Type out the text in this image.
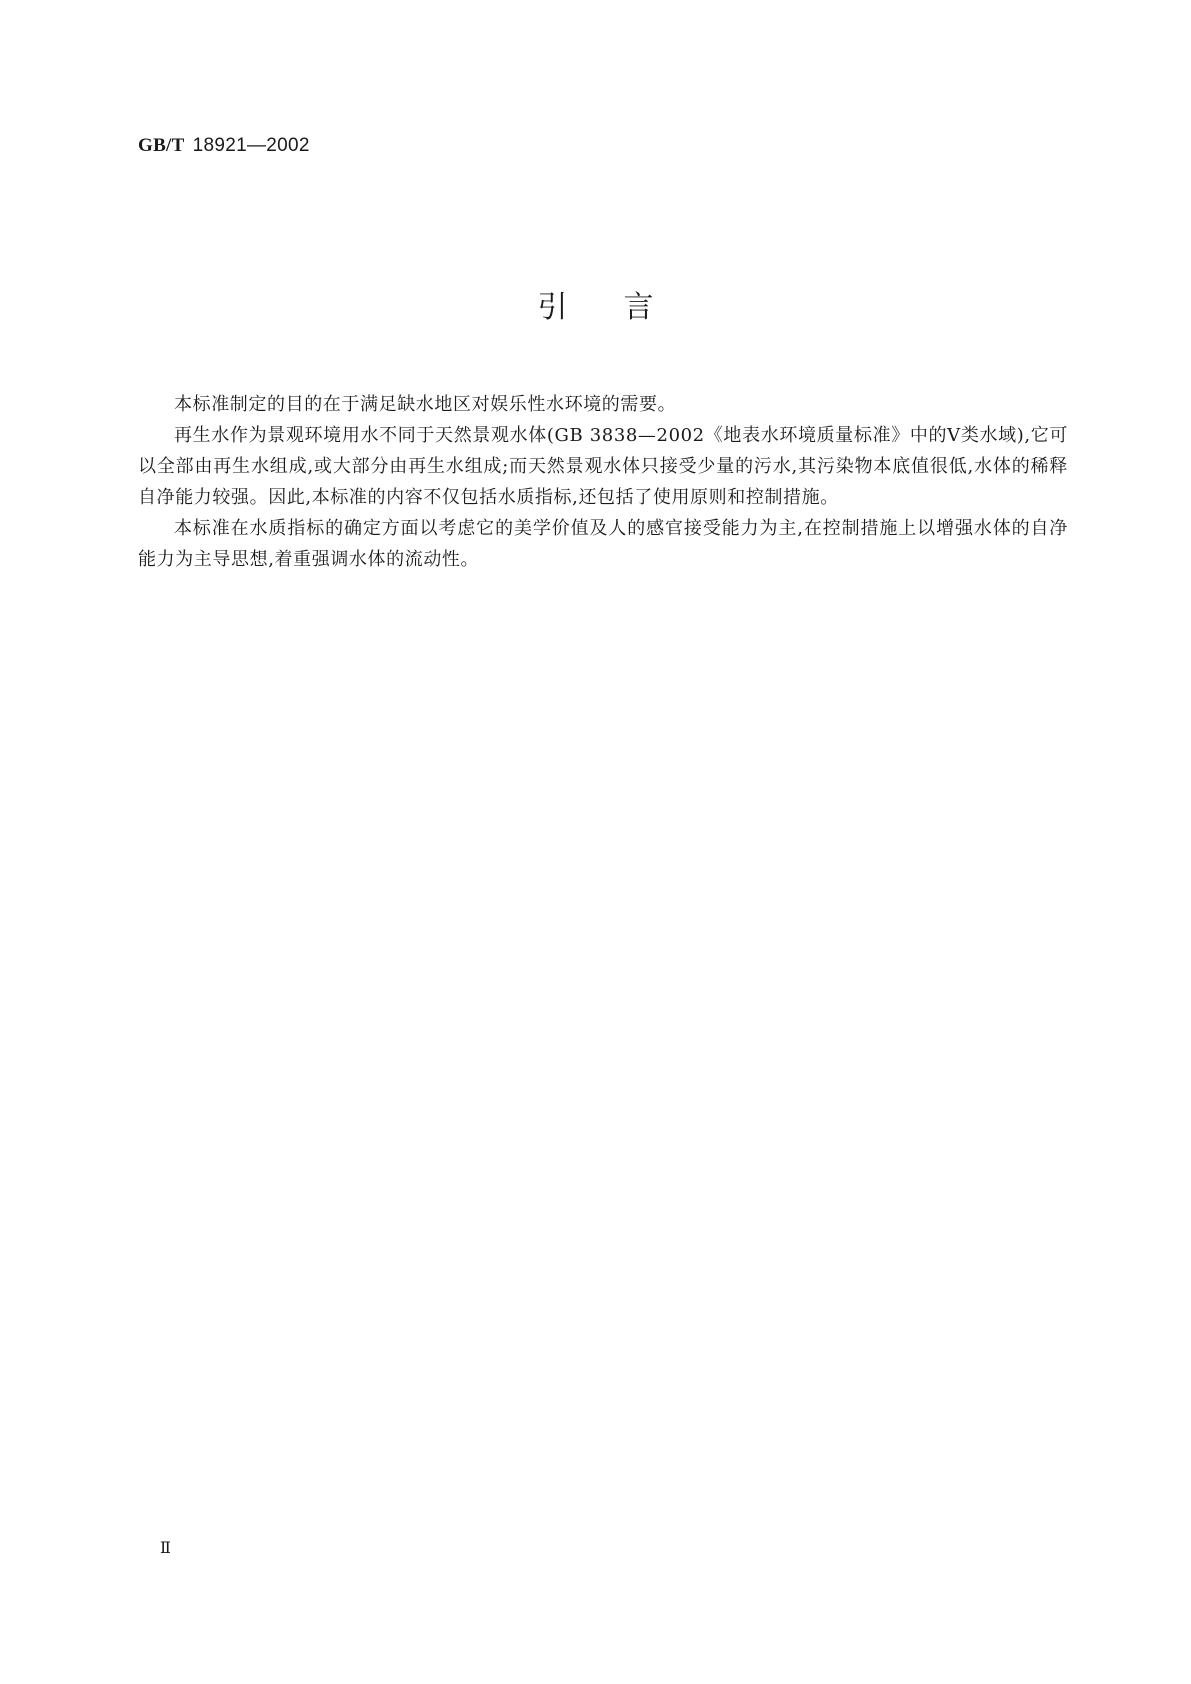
GB/T 18921—2002
引言

本标准制定的目的在于满足缺水地区对娱乐性水环境的需要。

再生水作为景观环境用水不同于天然景观水体(GB 3838—2002《地表水环境质量标准》中的Ⅴ类水域),它可以全部由再生水组成,或大部分由再生水组成;而天然景观水体只接受少量的污水,其污染物本底值很低,水体的稀释自净能力较强。因此,本标准的内容不仅包括水质指标,还包括了使用原则和控制措施。

本标准在水质指标的确定方面以考虑它的美学价值及人的感官接受能力为主,在控制措施上以增强水体的自净能力为主导思想,着重强调水体的流动性。

Ⅱ
